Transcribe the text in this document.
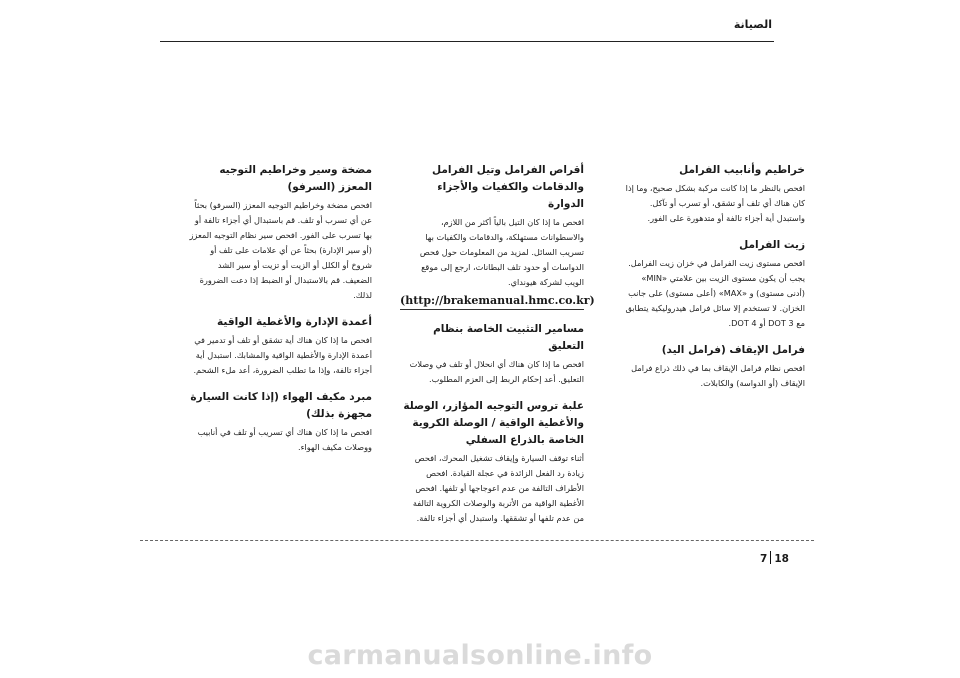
الصيانة

خراطيم وأنابيب الفرامل

افحص بالنظر ما إذا كانت مركبة بشكل صحيح، وما إذا كان هناك أي تلف أو تشقق، أو تسرب أو تآكل. واستبدل أية أجزاء تالفة أو متدهورة على الفور.

زيت الفرامل

افحص مستوى زيت الفرامل في خزان زيت الفرامل. يجب أن يكون مستوى الزيت بين علامتي «MIN» (أدنى مستوى) و «MAX» (أعلى مستوى) على جانب الخزان. لا تستخدم إلا سائل فرامل هيدروليكية يتطابق مع DOT 3 أو DOT 4.

فرامل الإيقاف (فرامل اليد)

افحص نظام فرامل الإيقاف بما في ذلك ذراع فرامل الإيقاف (أو الدواسة) والكابلات.

أقراص الفرامل وتيل الفرامل والدقامات والكفيات والأجزاء الدوارة

افحص ما إذا كان التيل بالياً أكثر من اللازم، والاسطوانات مستهلكة، والدقامات والكفيات بها تسريب السائل. لمزيد من المعلومات حول فحص الدواسات أو حدود تلف البطانات، ارجع إلى موقع الويب لشركة هيونداي.

(http://brakemanual.hmc.co.kr)

مسامير التثبيت الخاصة بنظام التعليق

افحص ما إذا كان هناك أي انحلال أو تلف في وصلات التعليق. أعد إحكام الربط إلى العزم المطلوب.

علبة تروس التوجيه المؤازر، الوصلة والأغطية الواقية / الوصلة الكروية الخاصة بالذراع السفلي

أثناء توقف السيارة وإيقاف تشغيل المحرك، افحص زيادة رد الفعل الزائدة في عجلة القيادة. افحص الأطراف التالفة من عدم اعوجاجها أو تلفها. افحص الأغطية الواقية من الأتربة والوصلات الكروية التالفة من عدم تلفها أو تشققها. واستبدل أي أجزاء تالفة.

مضخة وسير وخراطيم التوجيه المعزز (السرفو)

افحص مضخة وخراطيم التوجيه المعزز (السرفو) بحثاً عن أي تسرب أو تلف. قم باستبدال أي أجزاء تالفة أو بها تسرب على الفور. افحص سير نظام التوجيه المعزز (أو سير الإدارة) بحثاً عن أي علامات على تلف أو شروخ أو الكلل أو الزيت أو تزيت أو سير الشد الضعيف. قم بالاستبدال أو الضبط إذا دعت الضرورة لذلك.

أعمدة الإدارة والأغطية الواقية

افحص ما إذا كان هناك أية تشقق أو تلف أو تدمير في أعمدة الإدارة والأغطية الواقية والمشابك. استبدل أية أجزاء تالفة، وإذا ما تطلب الضرورة، أعد ملء الشحم.

مبرد مكيف الهواء (إذا كانت السيارة مجهزة بذلك)

افحص ما إذا كان هناك أي تسريب أو تلف في أنابيب ووصلات مكيف الهواء.

7 18
carmanualsonline.info
